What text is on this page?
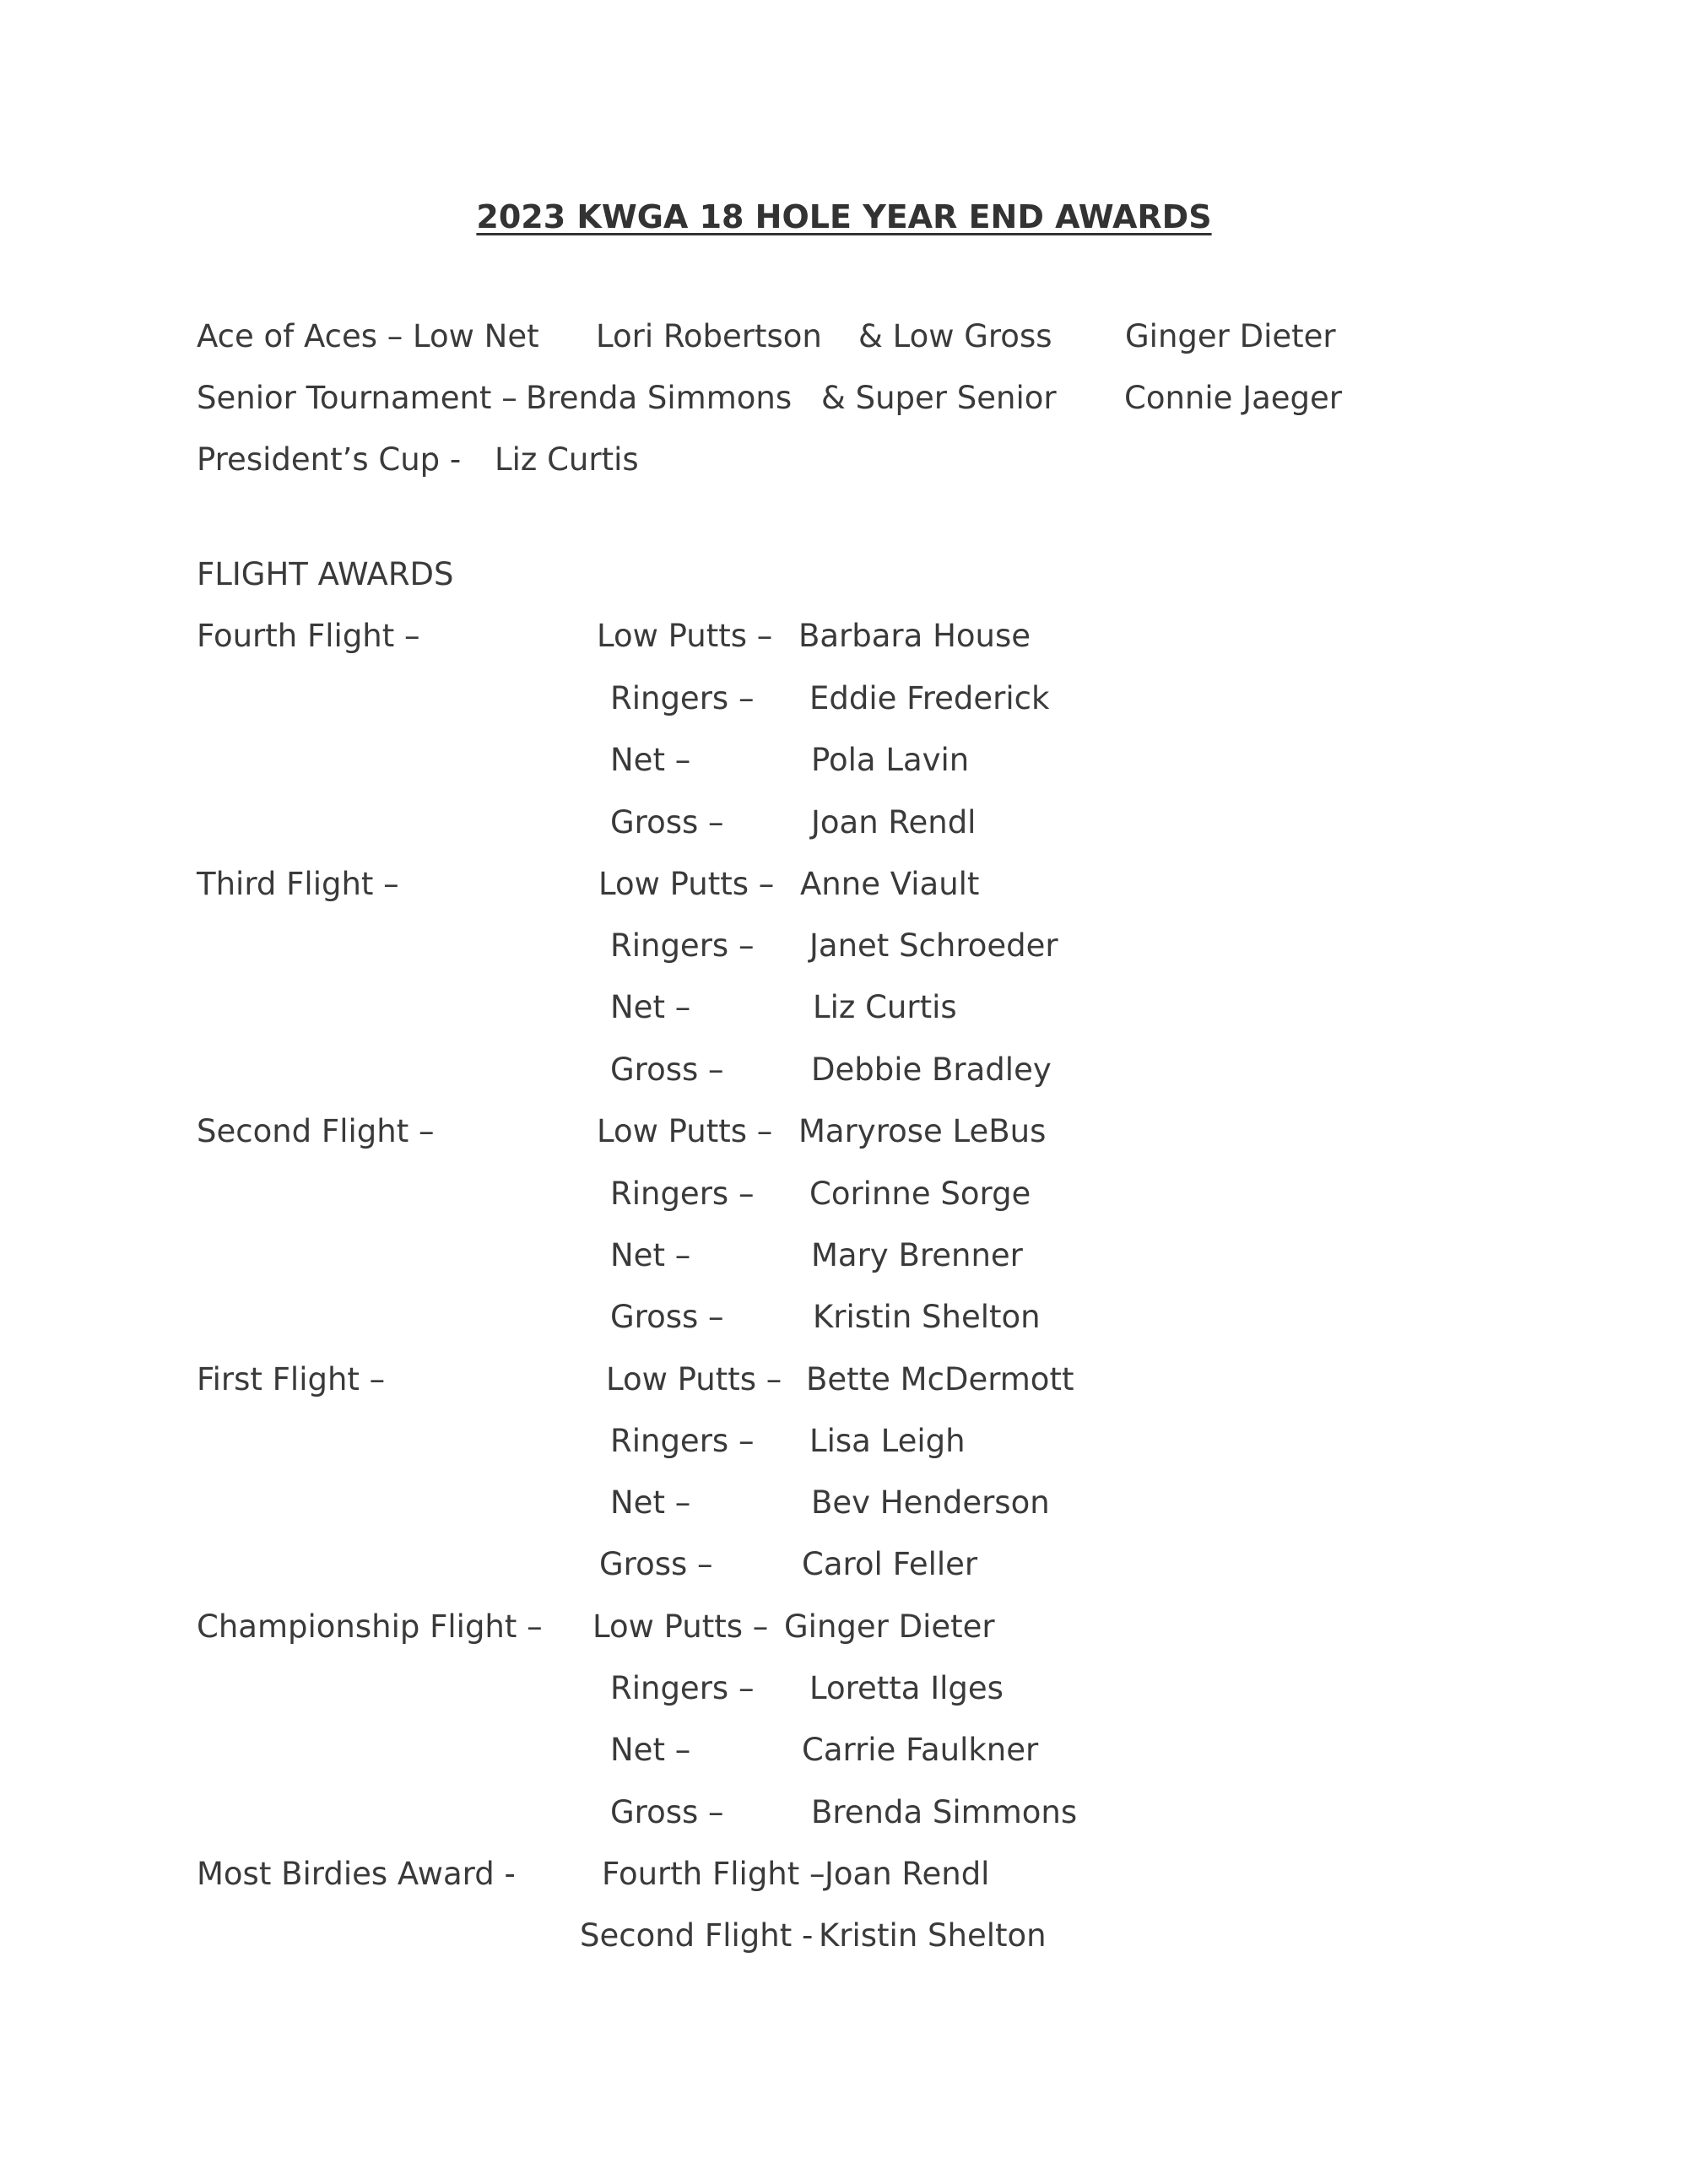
2023 KWGA 18 HOLE YEAR END AWARDS
Ace of Aces – Low Net Lori Robertson & Low Gross Ginger Dieter
Senior Tournament – Brenda Simmons & Super Senior Connie Jaeger
President’s Cup - Liz Curtis
FLIGHT AWARDS
Fourth Flight –	Low Putts – Barbara House
Ringers – Eddie Frederick
Net –	Pola Lavin
Gross –	Joan Rendl
Third Flight –	Low Putts – Anne Viault
Ringers – Janet Schroeder
Net –	Liz Curtis
Gross –	Debbie Bradley
Second Flight –	Low Putts – Maryrose LeBus
Ringers – Corinne Sorge
Net –	Mary Brenner
Gross –	Kristin Shelton
First Flight –	Low Putts – Bette McDermott
Ringers – Lisa Leigh
Net –	Bev Henderson
Gross –	Carol Feller
Championship Flight – Low Putts – Ginger Dieter
Ringers – Loretta Ilges
Net –	Carrie Faulkner
Gross –	Brenda Simmons
Most Birdies Award -	Fourth Flight – Joan Rendl
Second Flight - Kristin Shelton
